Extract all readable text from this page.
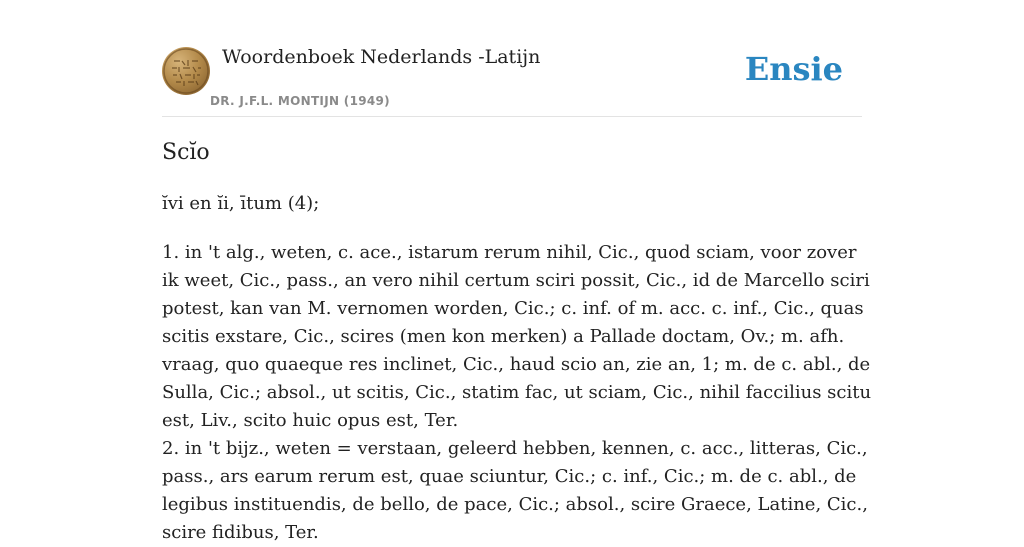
Woordenboek Nederlands -Latijn
DR. J.F.L. MONTIJN (1949)
Ensie
Scĭo

ĭvi en ĭi, ītum (4);

1. in 't alg., weten, c. ace., istarum rerum nihil, Cic., quod sciam, voor zover ik weet, Cic., pass., an vero nihil certum sciri possit, Cic., id de Marcello sciri potest, kan van M. vernomen worden, Cic.; c. inf. of m. acc. c. inf., Cic., quas scitis exstare, Cic., scires (men kon merken) a Pallade doctam, Ov.; m. afh. vraag, quo quaeque res inclinet, Cic., haud scio an, zie an, 1; m. de c. abl., de Sulla, Cic.; absol., ut scitis, Cic., statim fac, ut sciam, Cic., nihil faccilius scitu est, Liv., scito huic opus est, Ter.

2. in 't bijz., weten = verstaan, geleerd hebben, kennen, c. acc., litteras, Cic., pass., ars earum rerum est, quae sciuntur, Cic.; c. inf., Cic.; m. de c. abl., de legibus instituendis, de bello, de pace, Cic.; absol., scire Graece, Latine, Cic., scire fidibus, Ter.
